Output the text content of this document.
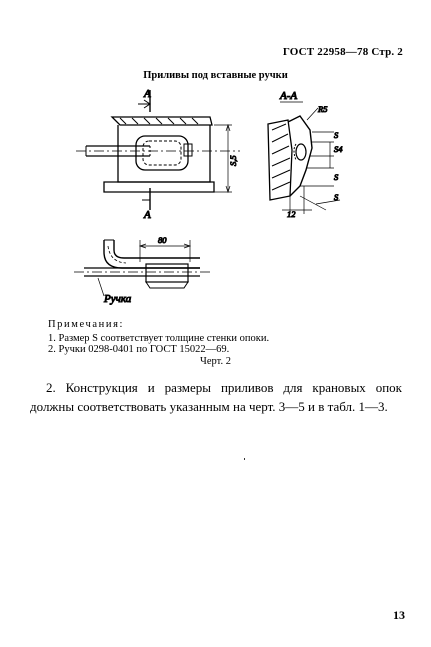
ГОСТ 22958—78 Стр. 2
Приливы под вставные ручки
А
А
А-А
S,5
R5
S
S4
S
S
12
80
Ручка
Примечания:
1. Размер S соответствует толщине стенки опоки.
2. Ручки 0298-0401 по ГОСТ 15022—69.
Черт. 2
2. Конструкция и размеры приливов для крановых опок должны соответствовать указанным на черт. 3—5 и в табл. 1—3.
13
